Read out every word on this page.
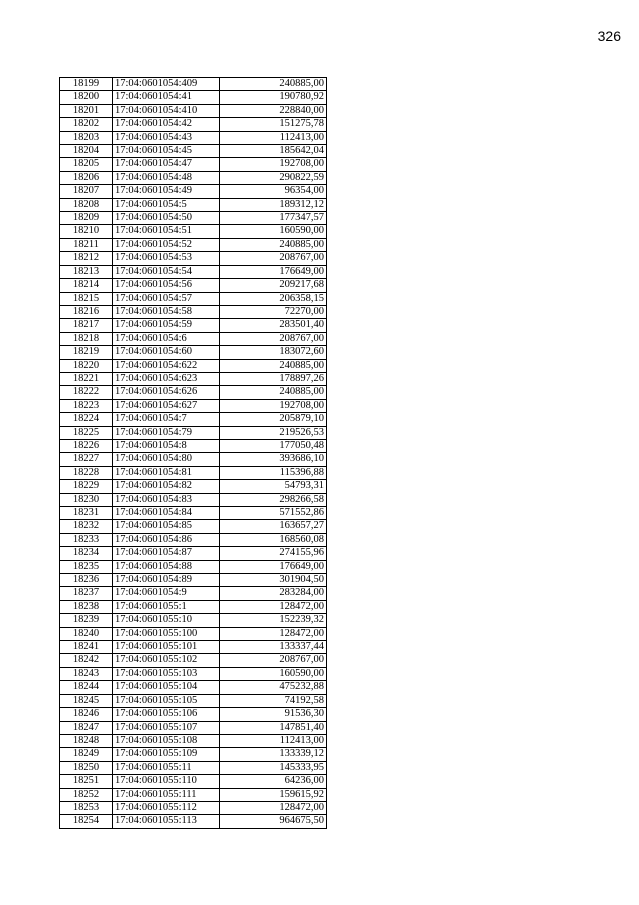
326
18199	17:04:0601054:409	240885,00
18200	17:04:0601054:41	190780,92
18201	17:04:0601054:410	228840,00
18202	17:04:0601054:42	151275,78
18203	17:04:0601054:43	112413,00
18204	17:04:0601054:45	185642,04
18205	17:04:0601054:47	192708,00
18206	17:04:0601054:48	290822,59
18207	17:04:0601054:49	96354,00
18208	17:04:0601054:5	189312,12
18209	17:04:0601054:50	177347,57
18210	17:04:0601054:51	160590,00
18211	17:04:0601054:52	240885,00
18212	17:04:0601054:53	208767,00
18213	17:04:0601054:54	176649,00
18214	17:04:0601054:56	209217,68
18215	17:04:0601054:57	206358,15
18216	17:04:0601054:58	72270,00
18217	17:04:0601054:59	283501,40
18218	17:04:0601054:6	208767,00
18219	17:04:0601054:60	183072,60
18220	17:04:0601054:622	240885,00
18221	17:04:0601054:623	178897,26
18222	17:04:0601054:626	240885,00
18223	17:04:0601054:627	192708,00
18224	17:04:0601054:7	205879,10
18225	17:04:0601054:79	219526,53
18226	17:04:0601054:8	177050,48
18227	17:04:0601054:80	393686,10
18228	17:04:0601054:81	115396,88
18229	17:04:0601054:82	54793,31
18230	17:04:0601054:83	298266,58
18231	17:04:0601054:84	571552,86
18232	17:04:0601054:85	163657,27
18233	17:04:0601054:86	168560,08
18234	17:04:0601054:87	274155,96
18235	17:04:0601054:88	176649,00
18236	17:04:0601054:89	301904,50
18237	17:04:0601054:9	283284,00
18238	17:04:0601055:1	128472,00
18239	17:04:0601055:10	152239,32
18240	17:04:0601055:100	128472,00
18241	17:04:0601055:101	133337,44
18242	17:04:0601055:102	208767,00
18243	17:04:0601055:103	160590,00
18244	17:04:0601055:104	475232,88
18245	17:04:0601055:105	74192,58
18246	17:04:0601055:106	91536,30
18247	17:04:0601055:107	147851,40
18248	17:04:0601055:108	112413,00
18249	17:04:0601055:109	133339,12
18250	17:04:0601055:11	145333,95
18251	17:04:0601055:110	64236,00
18252	17:04:0601055:111	159615,92
18253	17:04:0601055:112	128472,00
18254	17:04:0601055:113	964675,50
